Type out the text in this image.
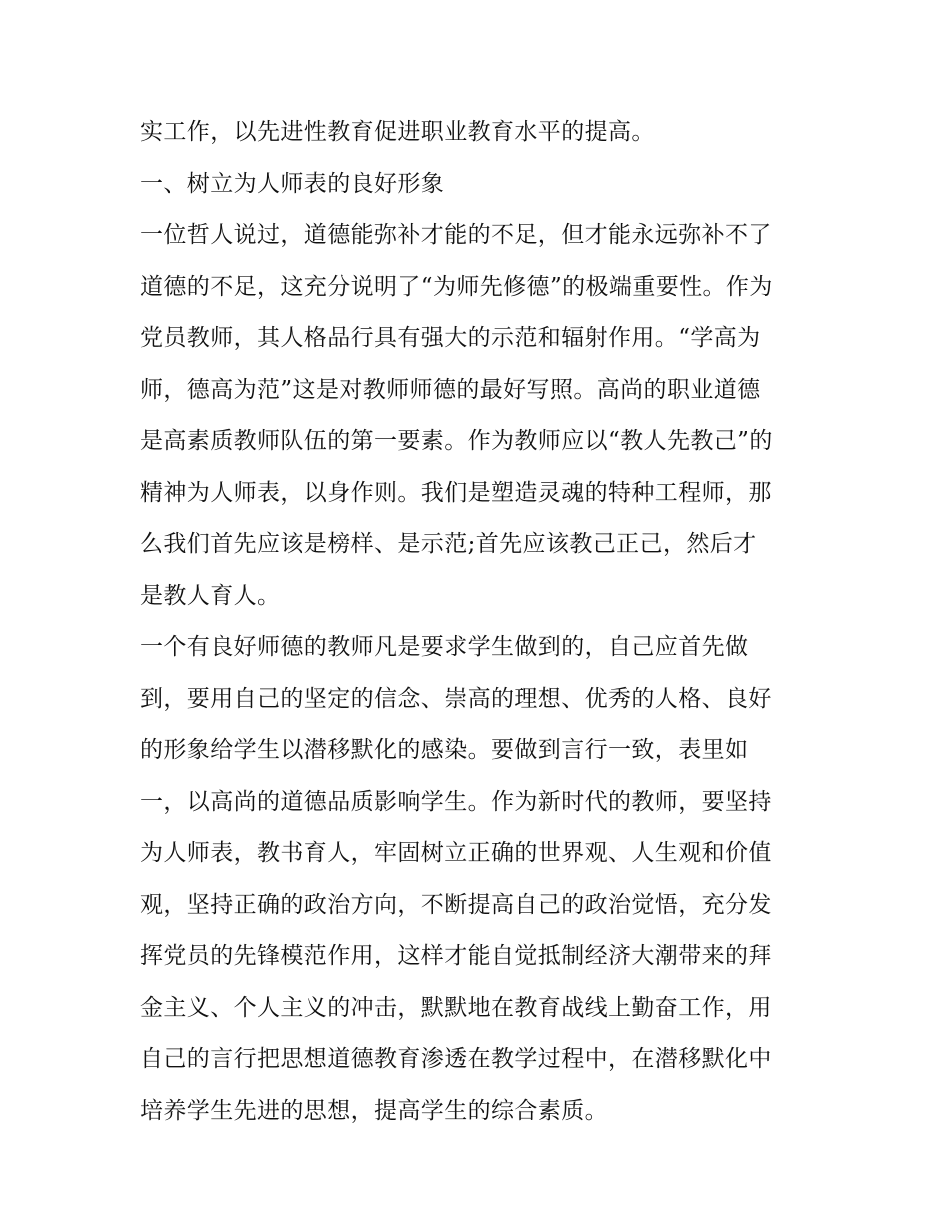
实工作，以先进性教育促进职业教育水平的提高。
一、树立为人师表的良好形象
一位哲人说过，道德能弥补才能的不足，但才能永远弥补不了
道德的不足，这充分说明了“为师先修德”的极端重要性。作为
党员教师，其人格品行具有强大的示范和辐射作用。“学高为
师，德高为范”这是对教师师德的最好写照。高尚的职业道德
是高素质教师队伍的第一要素。作为教师应以“教人先教己”的
精神为人师表，以身作则。我们是塑造灵魂的特种工程师，那
么我们首先应该是榜样、是示范;首先应该教己正己，然后才
是教人育人。
一个有良好师德的教师凡是要求学生做到的，自己应首先做
到，要用自己的坚定的信念、崇高的理想、优秀的人格、良好
的形象给学生以潜移默化的感染。要做到言行一致，表里如
一，以高尚的道德品质影响学生。作为新时代的教师，要坚持
为人师表，教书育人，牢固树立正确的世界观、人生观和价值
观，坚持正确的政治方向，不断提高自己的政治觉悟，充分发
挥党员的先锋模范作用，这样才能自觉抵制经济大潮带来的拜
金主义、个人主义的冲击，默默地在教育战线上勤奋工作，用
自己的言行把思想道德教育渗透在教学过程中，在潜移默化中
培养学生先进的思想，提高学生的综合素质。
